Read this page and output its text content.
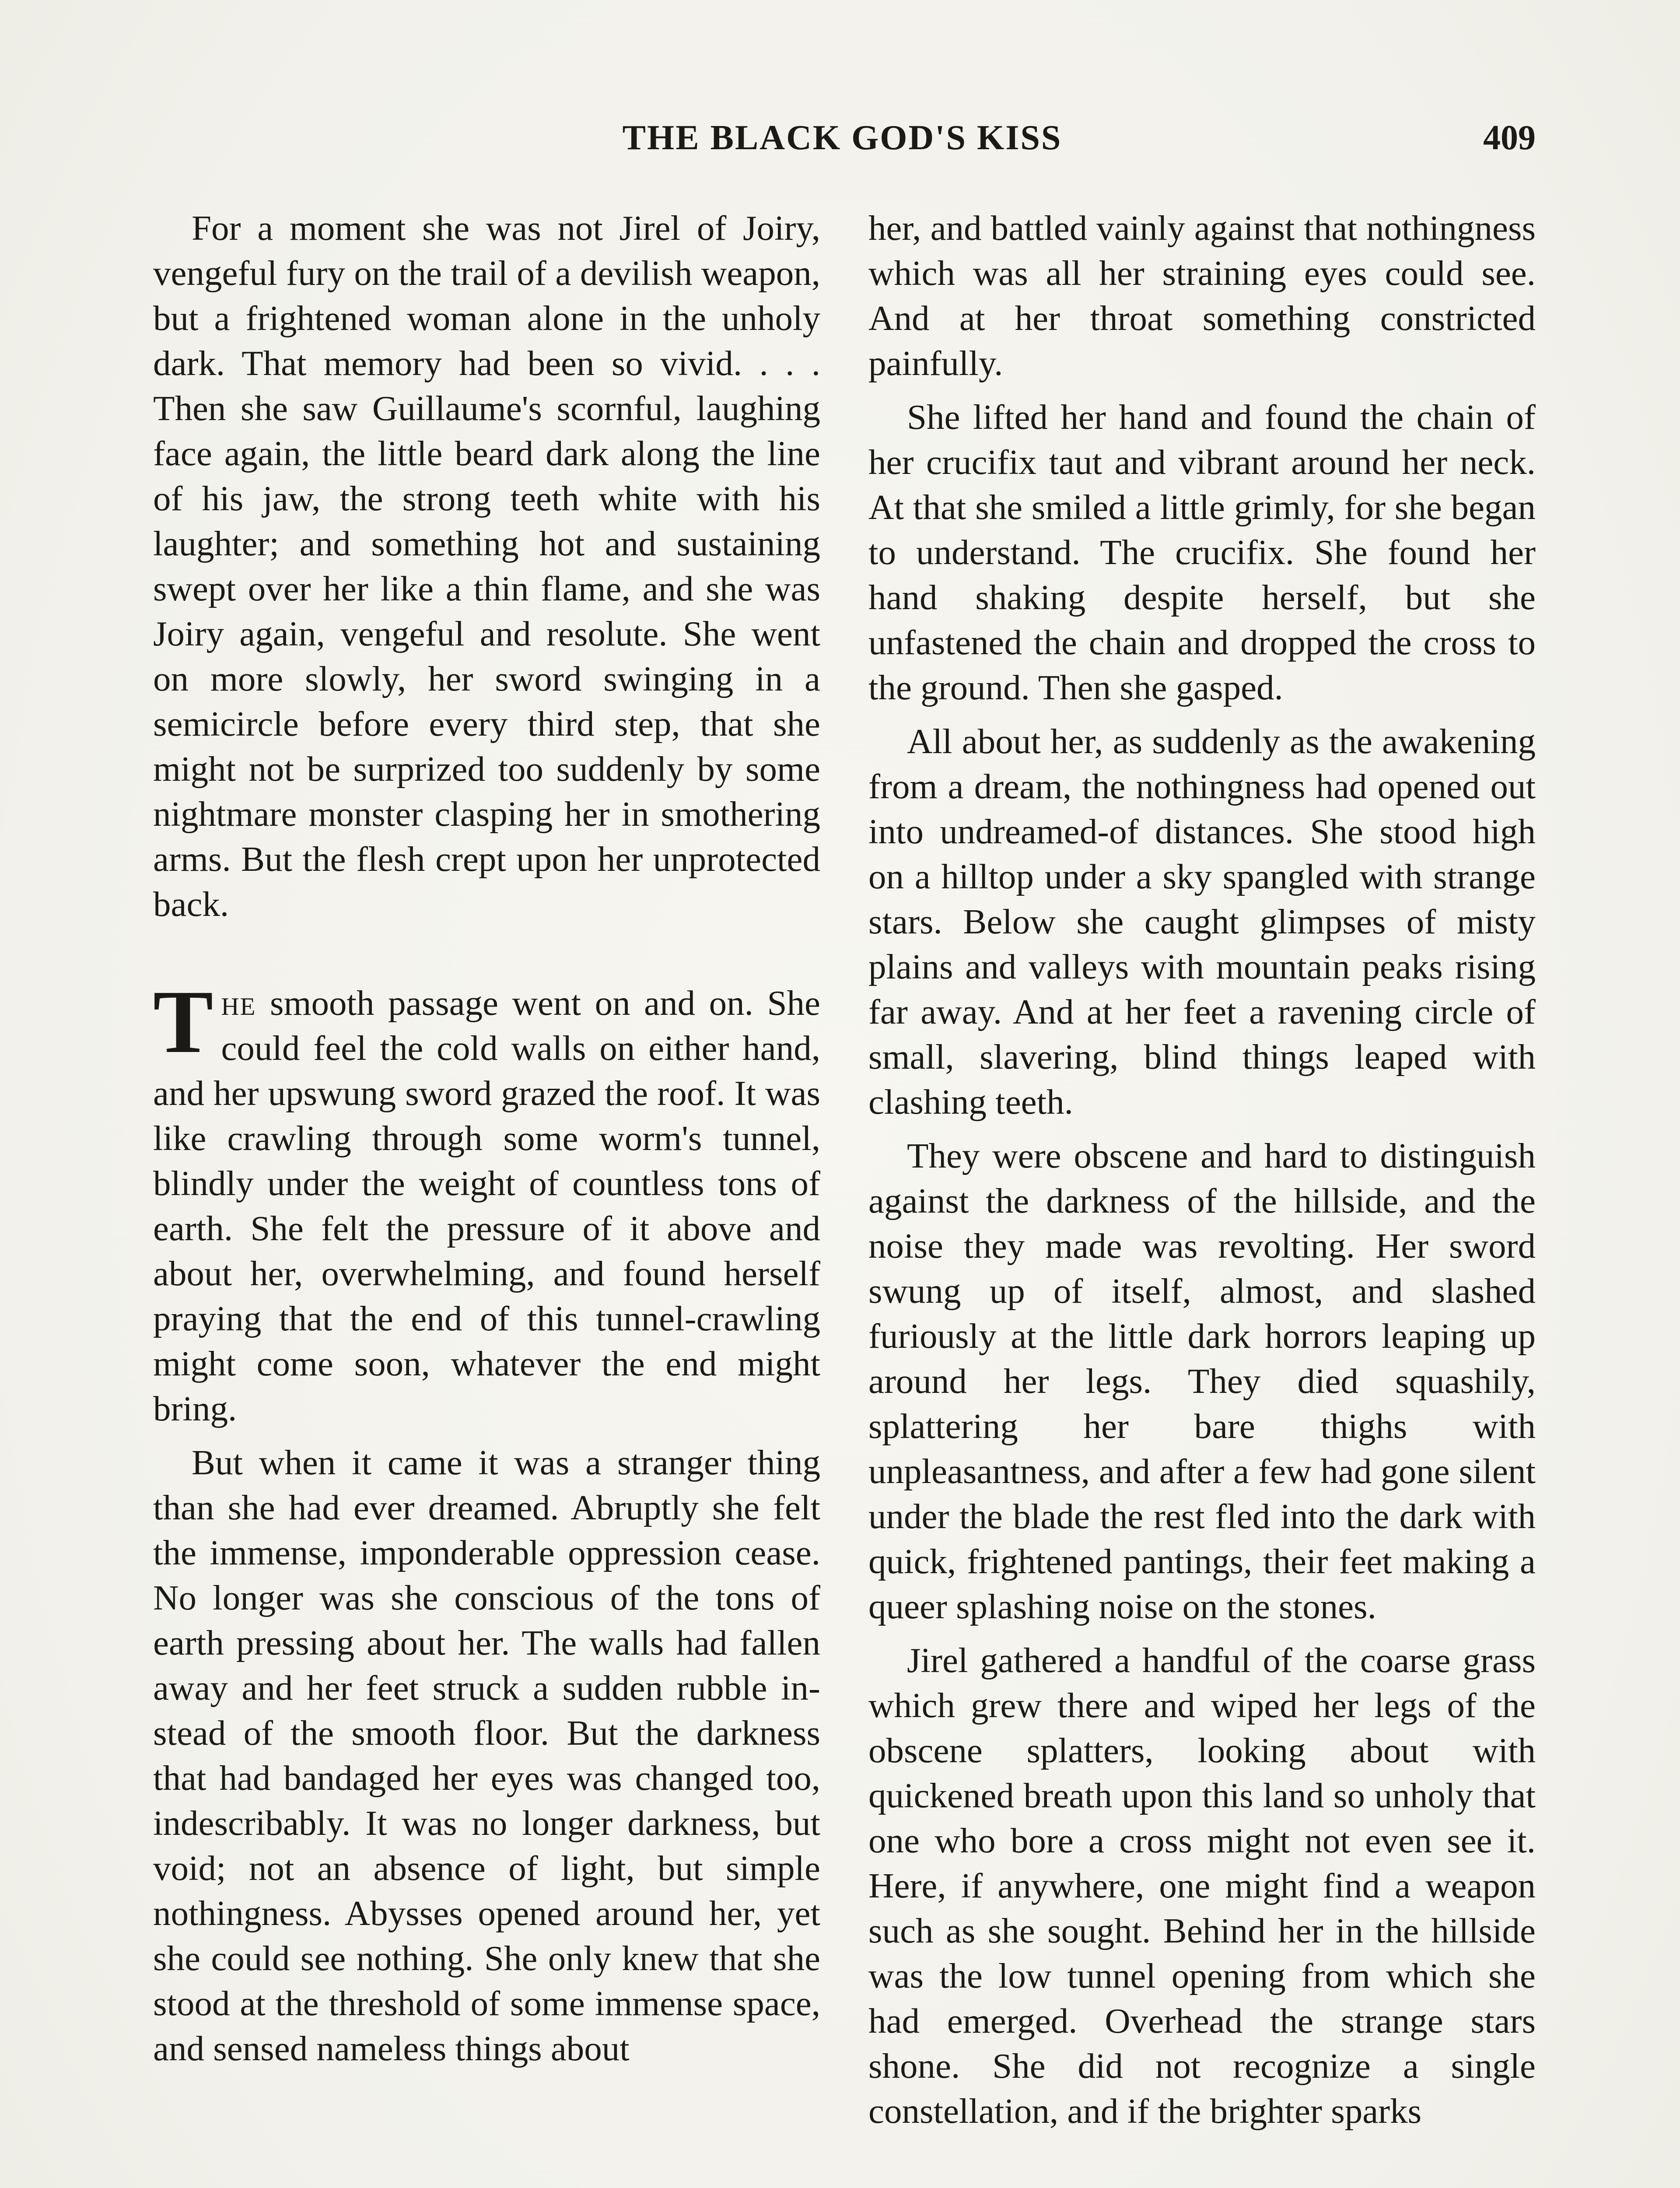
THE BLACK GOD'S KISS	409

For a moment she was not Jirel of Joiry, vengeful fury on the trail of a devilish weapon, but a frightened woman alone in the unholy dark. That memory had been so vivid. . . . Then she saw Guillaume's scornful, laughing face again, the little beard dark along the line of his jaw, the strong teeth white with his laughter; and something hot and sustaining swept over her like a thin flame, and she was Joiry again, vengeful and resolute. She went on more slowly, her sword swinging in a semicircle before every third step, that she might not be surprized too suddenly by some nightmare monster clasping her in smothering arms. But the flesh crept upon her unprotected back.

The smooth passage went on and on. She could feel the cold walls on either hand, and her upswung sword grazed the roof. It was like crawling through some worm's tunnel, blindly under the weight of countless tons of earth. She felt the pressure of it above and about her, overwhelming, and found herself praying that the end of this tunnel-crawling might come soon, whatever the end might bring.

But when it came it was a stranger thing than she had ever dreamed. Abruptly she felt the immense, imponderable oppression cease. No longer was she conscious of the tons of earth pressing about her. The walls had fallen away and her feet struck a sudden rubble instead of the smooth floor. But the darkness that had bandaged her eyes was changed too, indescribably. It was no longer darkness, but void; not an absence of light, but simple nothingness. Abysses opened around her, yet she could see nothing. She only knew that she stood at the threshold of some immense space, and sensed nameless things about

her, and battled vainly against that nothingness which was all her straining eyes could see. And at her throat something constricted painfully.

She lifted her hand and found the chain of her crucifix taut and vibrant around her neck. At that she smiled a little grimly, for she began to understand. The crucifix. She found her hand shaking despite herself, but she unfastened the chain and dropped the cross to the ground. Then she gasped.

All about her, as suddenly as the awakening from a dream, the nothingness had opened out into undreamed-of distances. She stood high on a hilltop under a sky spangled with strange stars. Below she caught glimpses of misty plains and valleys with mountain peaks rising far away. And at her feet a ravening circle of small, slavering, blind things leaped with clashing teeth.

They were obscene and hard to distinguish against the darkness of the hillside, and the noise they made was revolting. Her sword swung up of itself, almost, and slashed furiously at the little dark horrors leaping up around her legs. They died squashily, splattering her bare thighs with unpleasantness, and after a few had gone silent under the blade the rest fled into the dark with quick, frightened pantings, their feet making a queer splashing noise on the stones.

Jirel gathered a handful of the coarse grass which grew there and wiped her legs of the obscene splatters, looking about with quickened breath upon this land so unholy that one who bore a cross might not even see it. Here, if anywhere, one might find a weapon such as she sought. Behind her in the hillside was the low tunnel opening from which she had emerged. Overhead the strange stars shone. She did not recognize a single constellation, and if the brighter sparks
